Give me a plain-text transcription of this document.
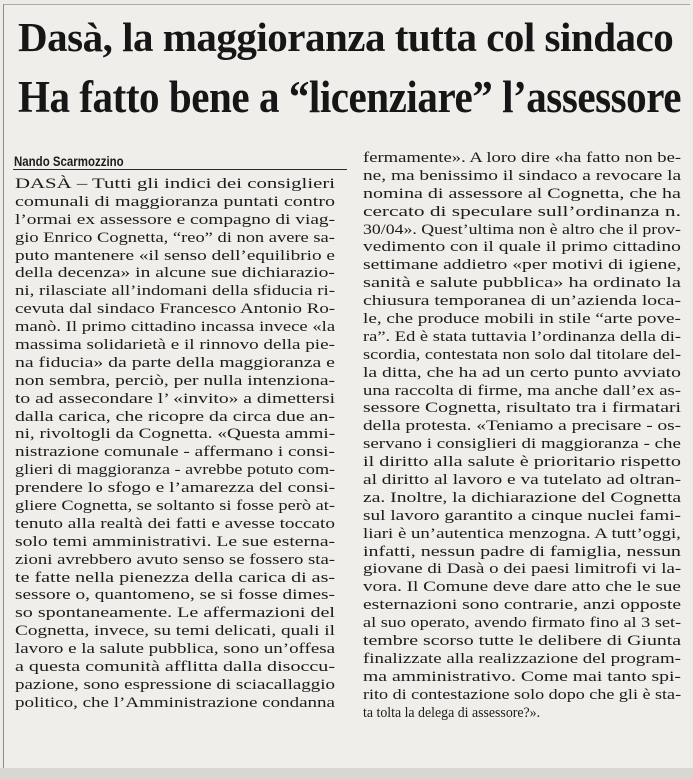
Dasà, la maggioranza tutta col sindaco
Ha fatto bene a “licenziare” l’assessore
Nando Scarmozzino
DASÀ – Tutti gli indici dei consiglieri
comunali di maggioranza puntati contro
l’ormai ex assessore e compagno di viag-
gio Enrico Cognetta, “reo” di non avere sa-
puto mantenere «il senso dell’equilibrio e
della decenza» in alcune sue dichiarazio-
ni, rilasciate all’indomani della sfiducia ri-
cevuta dal sindaco Francesco Antonio Ro-
manò. Il primo cittadino incassa invece «la
massima solidarietà e il rinnovo della pie-
na fiducia» da parte della maggioranza e
non sembra, perciò, per nulla intenziona-
to ad assecondare l’ «invito» a dimettersi
dalla carica, che ricopre da circa due an-
ni, rivoltogli da Cognetta. «Questa ammi-
nistrazione comunale - affermano i consi-
glieri di maggioranza - avrebbe potuto com-
prendere lo sfogo e l’amarezza del consi-
gliere Cognetta, se soltanto si fosse però at-
tenuto alla realtà dei fatti e avesse toccato
solo temi amministrativi. Le sue esterna-
zioni avrebbero avuto senso se fossero sta-
te fatte nella pienezza della carica di as-
sessore o, quantomeno, se si fosse dimes-
so spontaneamente. Le affermazioni del
Cognetta, invece, su temi delicati, quali il
lavoro e la salute pubblica, sono un’offesa
a questa comunità afflitta dalla disoccu-
pazione, sono espressione di sciacallaggio
politico, che l’Amministrazione condanna
fermamente». A loro dire «ha fatto non be-
ne, ma benissimo il sindaco a revocare la
nomina di assessore al Cognetta, che ha
cercato di speculare sull’ordinanza n.
30/04». Quest’ultima non è altro che il prov-
vedimento con il quale il primo cittadino
settimane addietro «per motivi di igiene,
sanità e salute pubblica» ha ordinato la
chiusura temporanea di un’azienda loca-
le, che produce mobili in stile “arte pove-
ra”. Ed è stata tuttavia l’ordinanza della di-
scordia, contestata non solo dal titolare del-
la ditta, che ha ad un certo punto avviato
una raccolta di firme, ma anche dall’ex as-
sessore Cognetta, risultato tra i firmatari
della protesta. «Teniamo a precisare - os-
servano i consiglieri di maggioranza - che
il diritto alla salute è prioritario rispetto
al diritto al lavoro e va tutelato ad oltran-
za. Inoltre, la dichiarazione del Cognetta
sul lavoro garantito a cinque nuclei fami-
liari è un’autentica menzogna. A tutt’oggi,
infatti, nessun padre di famiglia, nessun
giovane di Dasà o dei paesi limitrofi vi la-
vora. Il Comune deve dare atto che le sue
esternazioni sono contrarie, anzi opposte
al suo operato, avendo firmato fino al 3 set-
tembre scorso tutte le delibere di Giunta
finalizzate alla realizzazione del program-
ma amministrativo. Come mai tanto spi-
rito di contestazione solo dopo che gli è sta-
ta tolta la delega di assessore?».
